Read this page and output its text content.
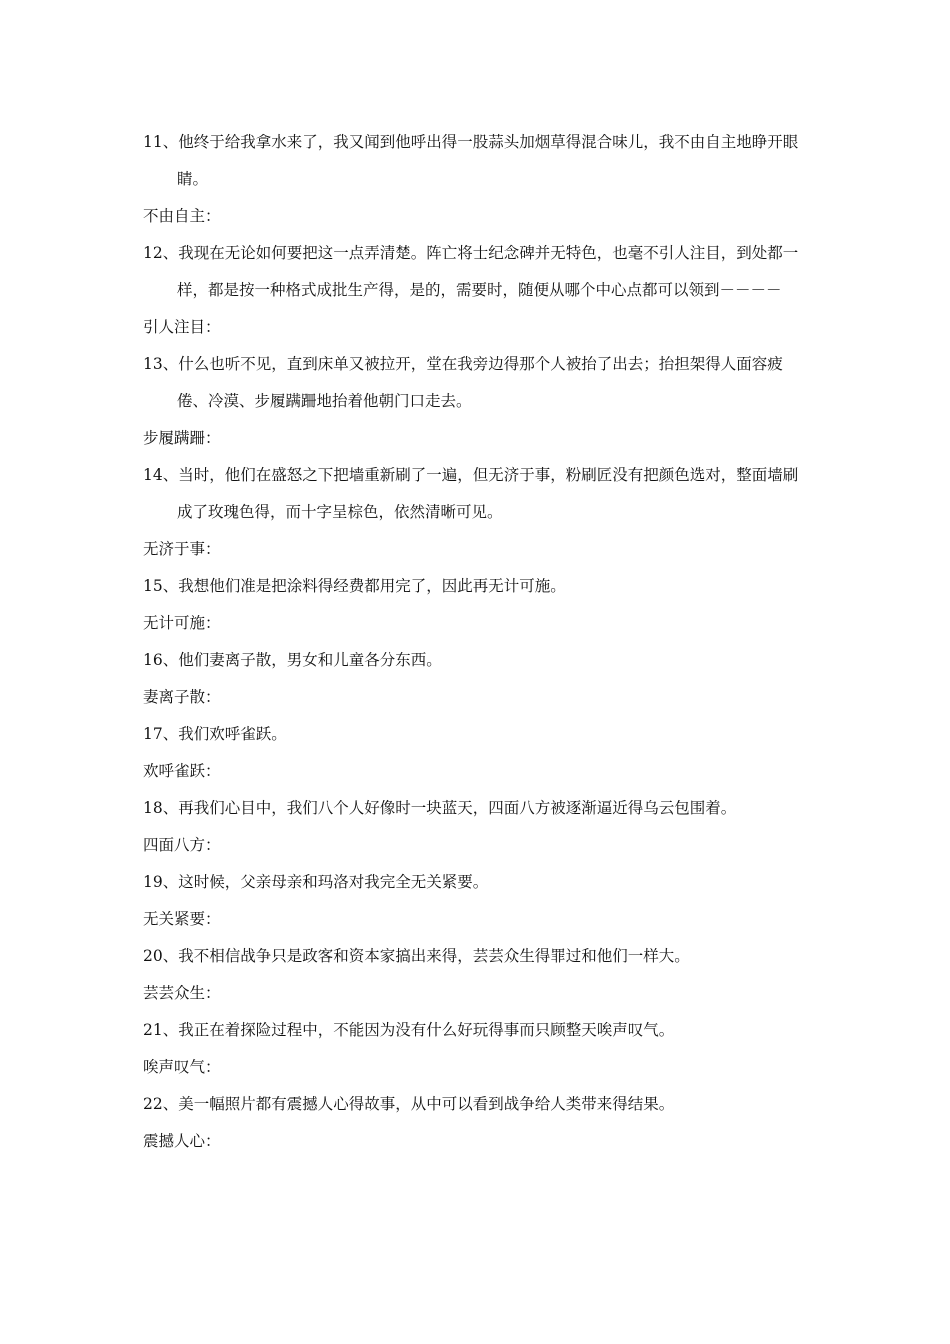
11、他终于给我拿水来了，我又闻到他呼出得一股蒜头加烟草得混合味儿，我不由自主地睁开眼睛。

不由自主：

12、我现在无论如何要把这一点弄清楚。阵亡将士纪念碑并无特色，也毫不引人注目，到处都一样，都是按一种格式成批生产得，是的，需要时，随便从哪个中心点都可以领到－－－－

引人注目：

13、什么也听不见，直到床单又被拉开，堂在我旁边得那个人被抬了出去；抬担架得人面容疲倦、冷漠、步履蹒跚地抬着他朝门口走去。

步履蹒跚：

14、当时，他们在盛怒之下把墙重新刷了一遍，但无济于事，粉刷匠没有把颜色选对，整面墙刷成了玫瑰色得，而十字呈棕色，依然清晰可见。

无济于事：

15、我想他们准是把涂料得经费都用完了，因此再无计可施。

无计可施：

16、他们妻离子散，男女和儿童各分东西。

妻离子散：

17、我们欢呼雀跃。

欢呼雀跃：

18、再我们心目中，我们八个人好像时一块蓝天，四面八方被逐渐逼近得乌云包围着。

四面八方：

19、这时候，父亲母亲和玛洛对我完全无关紧要。

无关紧要：

20、我不相信战争只是政客和资本家搞出来得，芸芸众生得罪过和他们一样大。

芸芸众生：

21、我正在着探险过程中，不能因为没有什么好玩得事而只顾整天唉声叹气。

唉声叹气：

22、美一幅照片都有震撼人心得故事，从中可以看到战争给人类带来得结果。

震撼人心：
